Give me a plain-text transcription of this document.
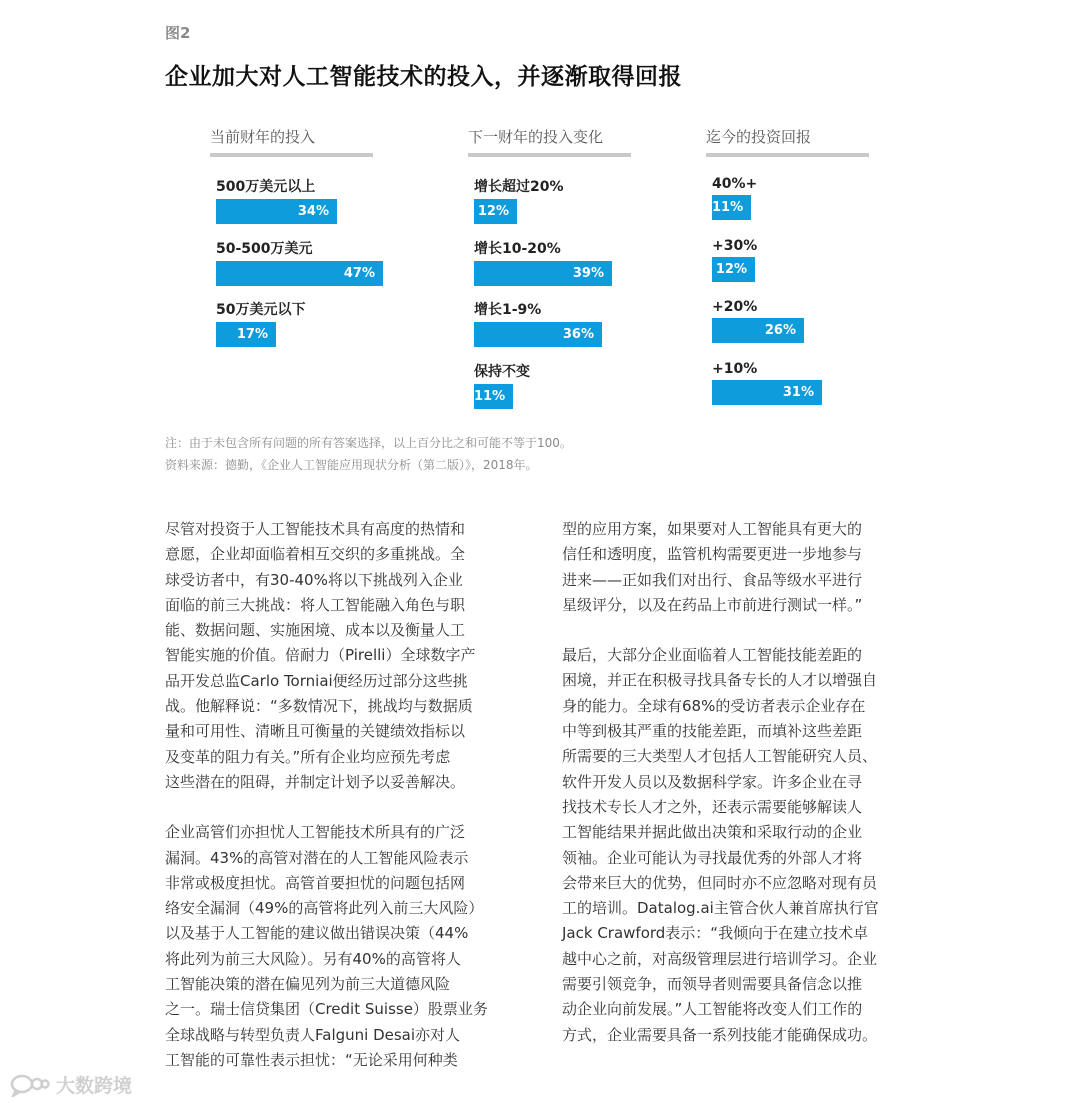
图2
企业加大对人工智能技术的投入，并逐渐取得回报
当前财年的投入
500万美元以上
34%
50-500万美元
47%
50万美元以下
17%
下一财年的投入变化
增长超过20%
12%
增长10-20%
39%
增长1-9%
36%
保持不变
11%
迄今的投资回报
40%+
11%
+30%
12%
+20%
26%
+10%
31%
注：由于未包含所有问题的所有答案选择，以上百分比之和可能不等于100。
资料来源：德勤，《企业人工智能应用现状分析（第二版）》，2018年。
尽管对投资于人工智能技术具有高度的热情和
意愿，企业却面临着相互交织的多重挑战。全
球受访者中，有30-40%将以下挑战列入企业
面临的前三大挑战：将人工智能融入角色与职
能、数据问题、实施困境、成本以及衡量人工
智能实施的价值。倍耐力（Pirelli）全球数字产
品开发总监Carlo Torniai便经历过部分这些挑
战。他解释说：“多数情况下，挑战均与数据质
量和可用性、清晰且可衡量的关键绩效指标以
及变革的阻力有关。”所有企业均应预先考虑
这些潜在的阻碍，并制定计划予以妥善解决。
企业高管们亦担忧人工智能技术所具有的广泛
漏洞。43%的高管对潜在的人工智能风险表示
非常或极度担忧。高管首要担忧的问题包括网
络安全漏洞（49%的高管将此列入前三大风险）
以及基于人工智能的建议做出错误决策（44%
将此列为前三大风险）。另有40%的高管将人
工智能决策的潜在偏见列为前三大道德风险
之一。瑞士信贷集团（Credit Suisse）股票业务
全球战略与转型负责人Falguni Desai亦对人
工智能的可靠性表示担忧：“无论采用何种类
型的应用方案，如果要对人工智能具有更大的
信任和透明度，监管机构需要更进一步地参与
进来——正如我们对出行、食品等级水平进行
星级评分，以及在药品上市前进行测试一样。”
最后，大部分企业面临着人工智能技能差距的
困境，并正在积极寻找具备专长的人才以增强自
身的能力。全球有68%的受访者表示企业存在
中等到极其严重的技能差距，而填补这些差距
所需要的三大类型人才包括人工智能研究人员、
软件开发人员以及数据科学家。许多企业在寻
找技术专长人才之外，还表示需要能够解读人
工智能结果并据此做出决策和采取行动的企业
领袖。企业可能认为寻找最优秀的外部人才将
会带来巨大的优势，但同时亦不应忽略对现有员
工的培训。Datalog.ai主管合伙人兼首席执行官
Jack Crawford表示：“我倾向于在建立技术卓
越中心之前，对高级管理层进行培训学习。企业
需要引领竞争，而领导者则需要具备信念以推
动企业向前发展。”人工智能将改变人们工作的
方式，企业需要具备一系列技能才能确保成功。
大数跨境
